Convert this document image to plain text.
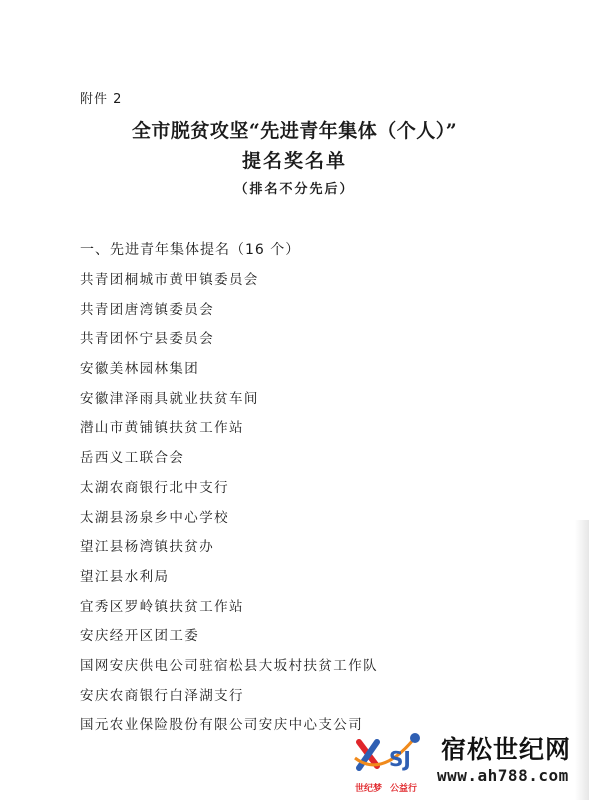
附件 2
全市脱贫攻坚“先进青年集体（个人）”
提名奖名单
（排名不分先后）
一、先进青年集体提名（16 个）
共青团桐城市黄甲镇委员会
共青团唐湾镇委员会
共青团怀宁县委员会
安徽美林园林集团
安徽津泽雨具就业扶贫车间
潜山市黄铺镇扶贫工作站
岳西义工联合会
太湖农商银行北中支行
太湖县汤泉乡中心学校
望江县杨湾镇扶贫办
望江县水利局
宜秀区罗岭镇扶贫工作站
安庆经开区团工委
国网安庆供电公司驻宿松县大坂村扶贫工作队
安庆农商银行白泽湖支行
国元农业保险股份有限公司安庆中心支公司
SJ 宿松世纪网
www.ah788.com
世纪梦 公益行
